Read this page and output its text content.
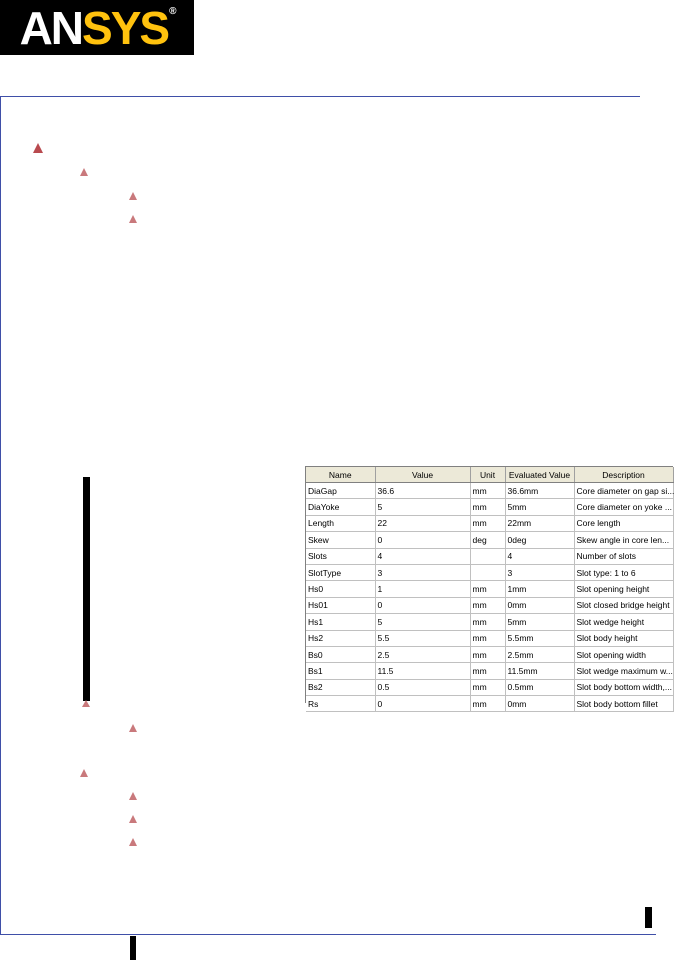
AN SYS ®
Name	Value	Unit	Evaluated Value	Description
DiaGap	36.6	mm	36.6mm	Core diameter on gap si...
DiaYoke	5	mm	5mm	Core diameter on yoke ...
Length	22	mm	22mm	Core length
Skew	0	deg	0deg	Skew angle in core len...
Slots	4		4	Number of slots
SlotType	3		3	Slot type: 1 to 6
Hs0	1	mm	1mm	Slot opening height
Hs01	0	mm	0mm	Slot closed bridge height
Hs1	5	mm	5mm	Slot wedge height
Hs2	5.5	mm	5.5mm	Slot body height
Bs0	2.5	mm	2.5mm	Slot opening width
Bs1	11.5	mm	11.5mm	Slot wedge maximum w...
Bs2	0.5	mm	0.5mm	Slot body bottom width,...
Rs	0	mm	0mm	Slot body bottom fillet
